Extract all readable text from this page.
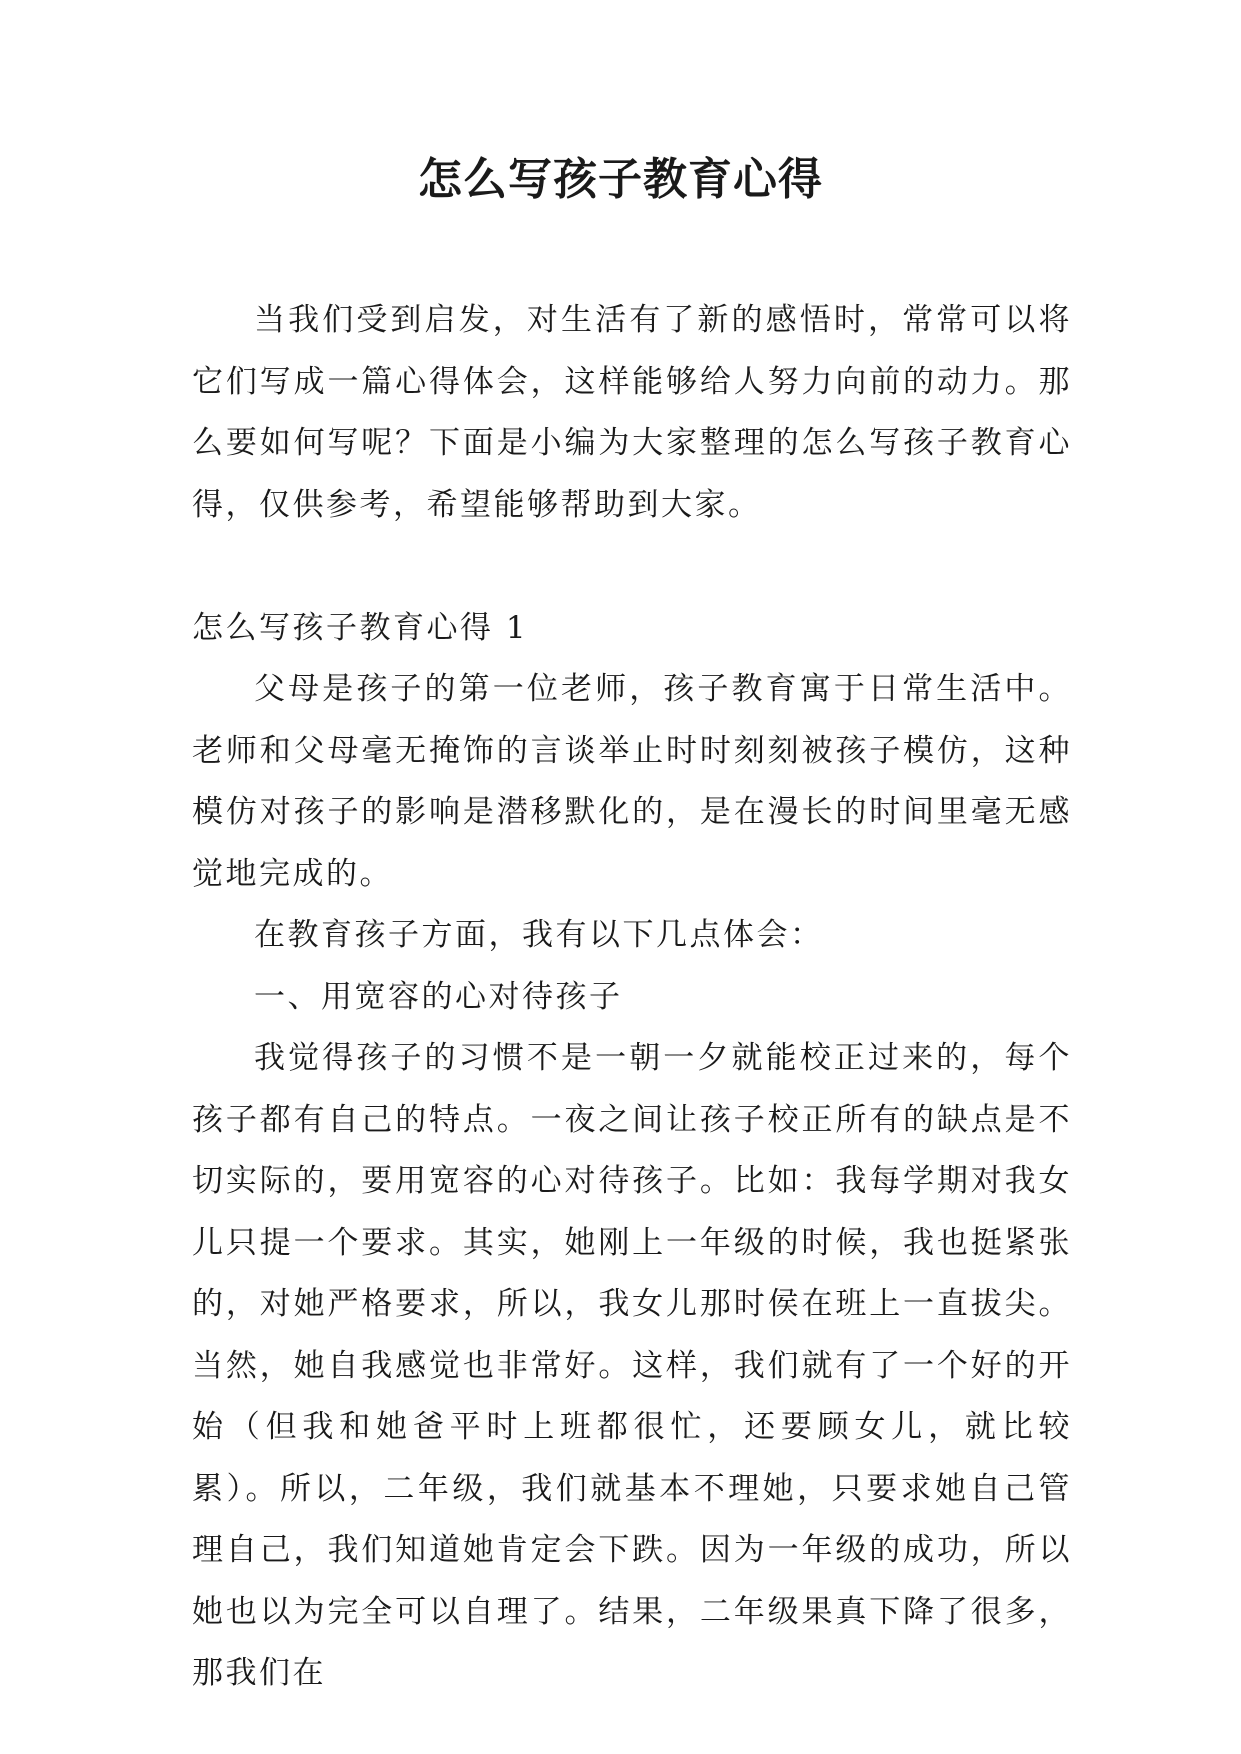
怎么写孩子教育心得

当我们受到启发，对生活有了新的感悟时，常常可以将它们写成一篇心得体会，这样能够给人努力向前的动力。那么要如何写呢？下面是小编为大家整理的怎么写孩子教育心得，仅供参考，希望能够帮助到大家。

怎么写孩子教育心得 1

父母是孩子的第一位老师，孩子教育寓于日常生活中。老师和父母毫无掩饰的言谈举止时时刻刻被孩子模仿，这种模仿对孩子的影响是潜移默化的，是在漫长的时间里毫无感觉地完成的。

在教育孩子方面，我有以下几点体会：

一、用宽容的心对待孩子

我觉得孩子的习惯不是一朝一夕就能校正过来的，每个孩子都有自己的特点。一夜之间让孩子校正所有的缺点是不切实际的，要用宽容的心对待孩子。比如：我每学期对我女儿只提一个要求。其实，她刚上一年级的时候，我也挺紧张的，对她严格要求，所以，我女儿那时侯在班上一直拔尖。当然，她自我感觉也非常好。这样，我们就有了一个好的开始（但我和她爸平时上班都很忙，还要顾女儿，就比较累）。所以，二年级，我们就基本不理她，只要求她自己管理自己，我们知道她肯定会下跌。因为一年级的成功，所以她也以为完全可以自理了。结果，二年级果真下降了很多，那我们在
